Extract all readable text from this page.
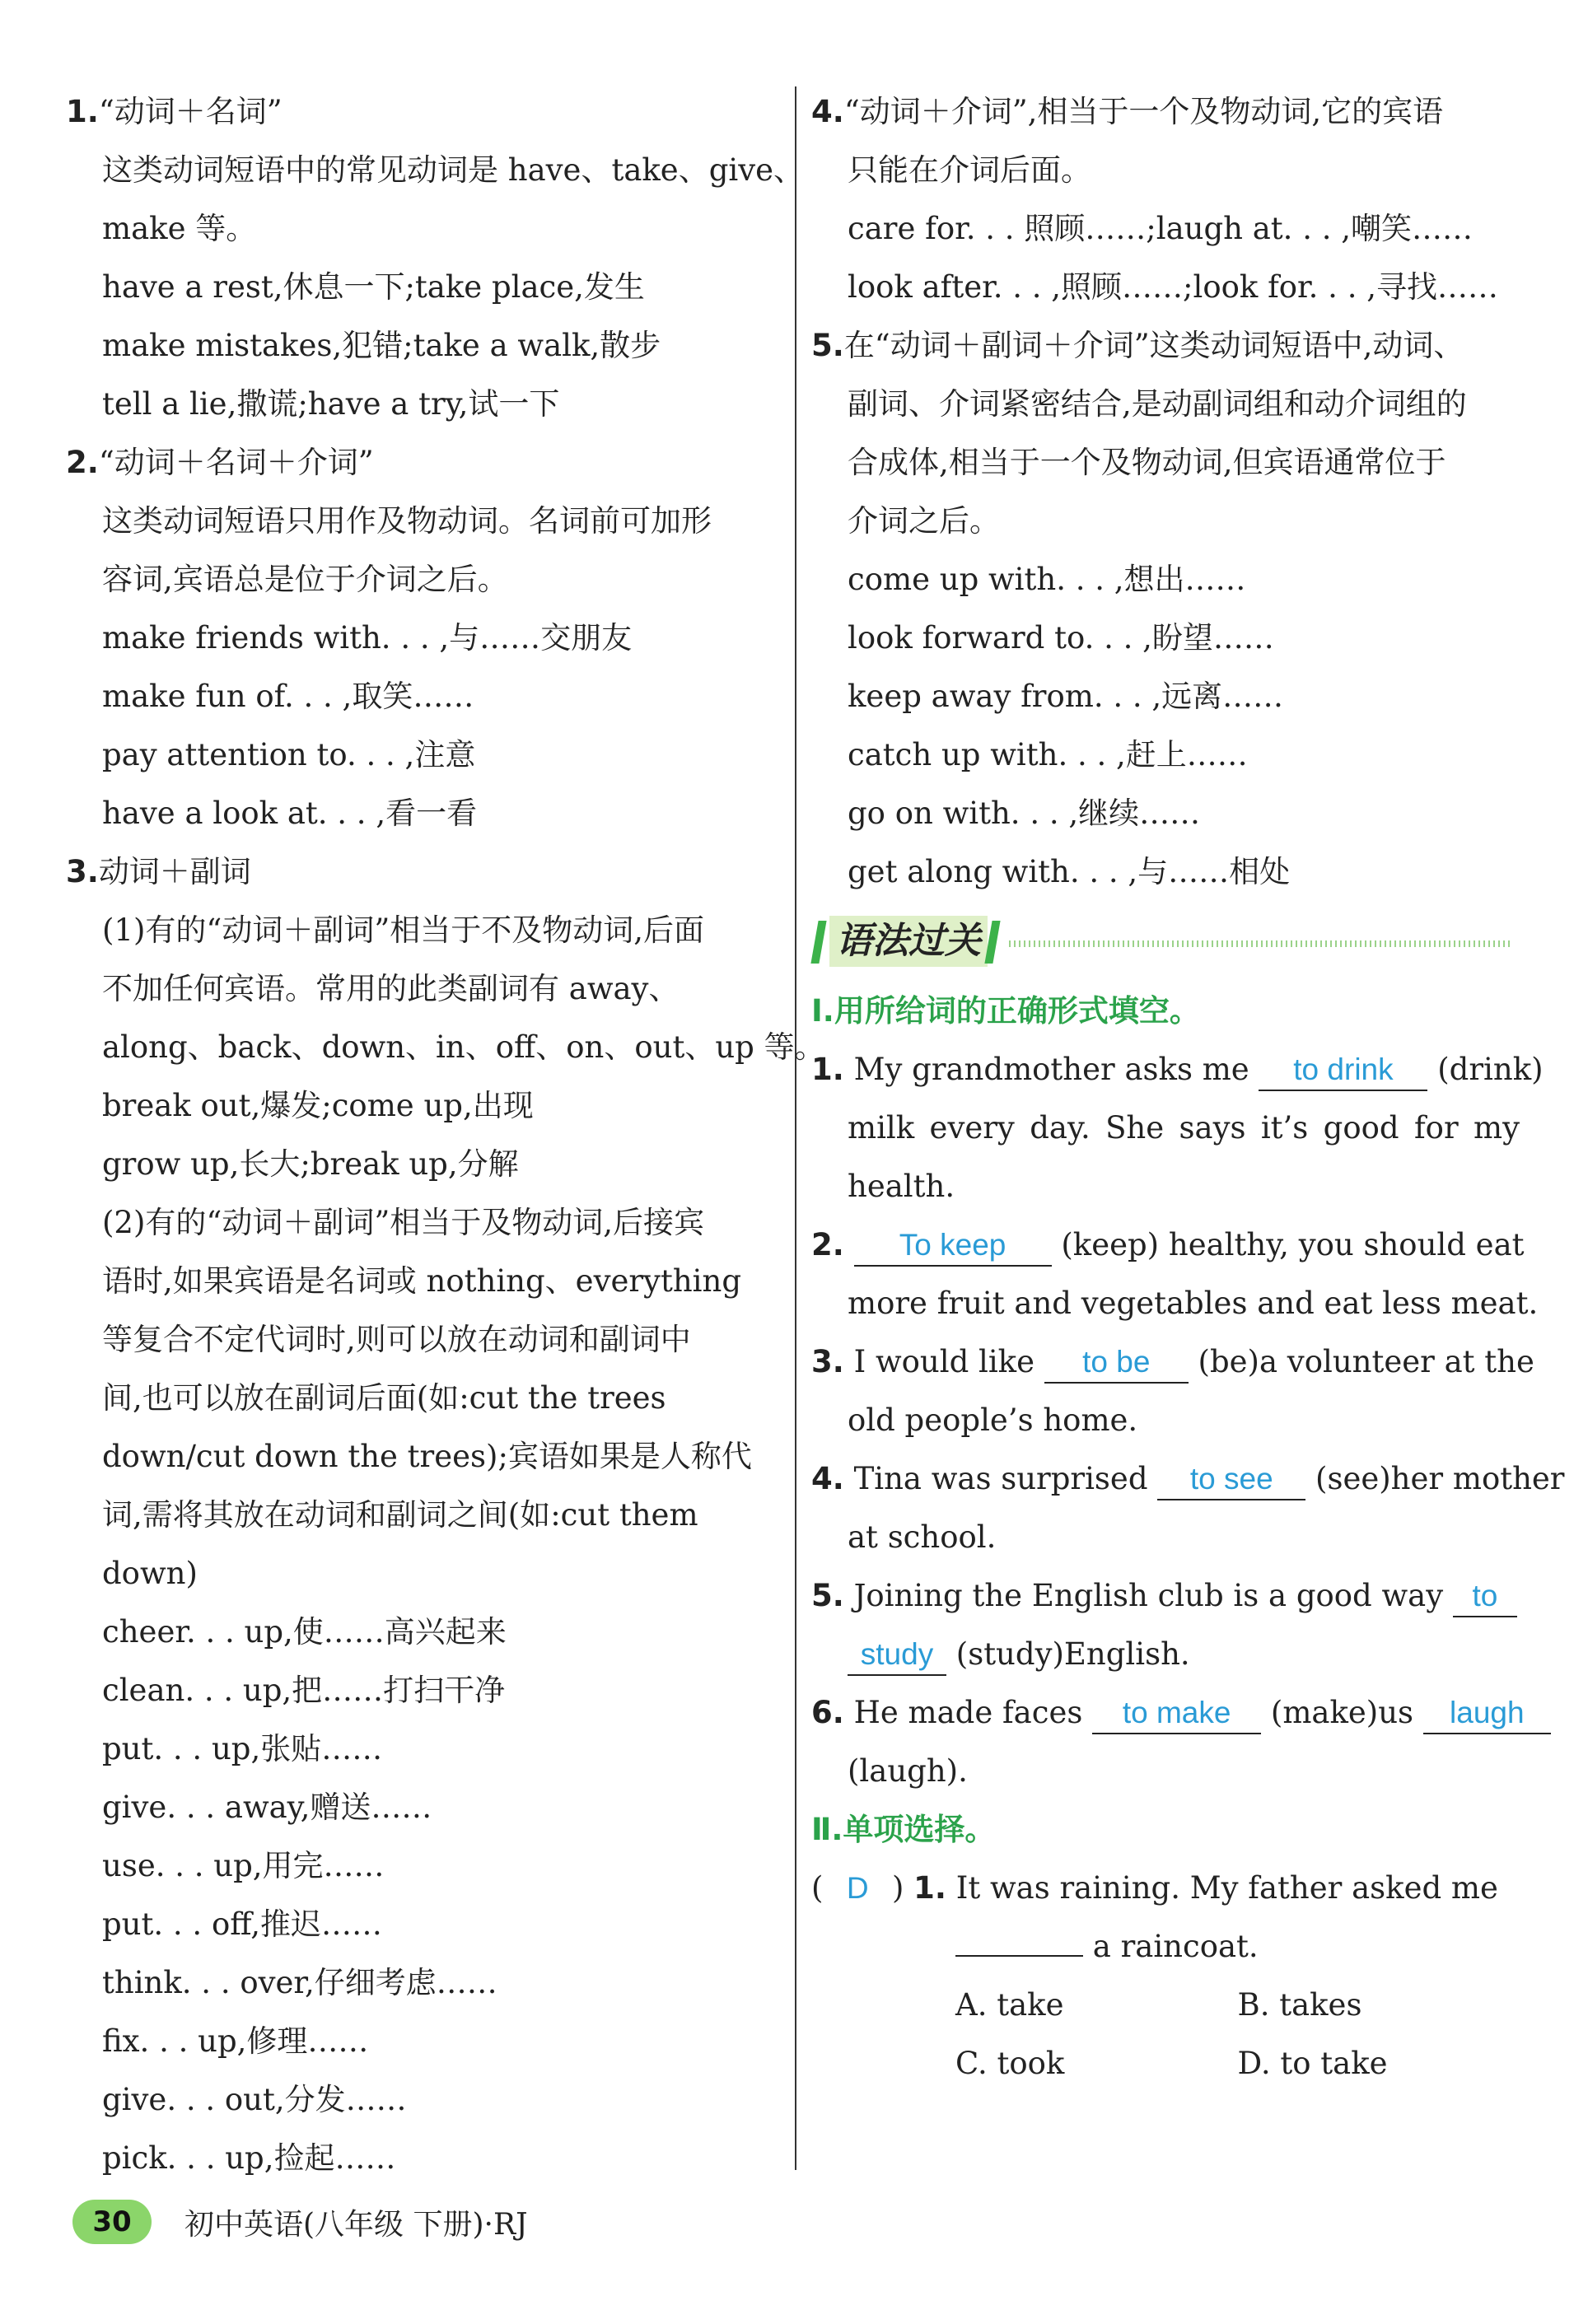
1.“动词＋名词”
这类动词短语中的常见动词是 have、take、give、
make 等。
have a rest,休息一下;take place,发生
make mistakes,犯错;take a walk,散步
tell a lie,撒谎;have a try,试一下
2.“动词＋名词＋介词”
这类动词短语只用作及物动词。名词前可加形
容词,宾语总是位于介词之后。
make friends with. . . ,与……交朋友
make fun of. . . ,取笑……
pay attention to. . . ,注意
have a look at. . . ,看一看
3.动词＋副词
(1)有的“动词＋副词”相当于不及物动词,后面
不加任何宾语。常用的此类副词有 away、
along、back、down、in、off、on、out、up 等。
break out,爆发;come up,出现
grow up,长大;break up,分解
(2)有的“动词＋副词”相当于及物动词,后接宾
语时,如果宾语是名词或 nothing、everything
等复合不定代词时,则可以放在动词和副词中
间,也可以放在副词后面(如:cut the trees
down/cut down the trees);宾语如果是人称代
词,需将其放在动词和副词之间(如:cut them
down)
cheer. . . up,使……高兴起来
clean. . . up,把……打扫干净
put. . . up,张贴……
give. . . away,赠送……
use. . . up,用完……
put. . . off,推迟……
think. . . over,仔细考虑……
fix. . . up,修理……
give. . . out,分发……
pick. . . up,捡起……
4.“动词＋介词”,相当于一个及物动词,它的宾语
只能在介词后面。
care for. . . 照顾……;laugh at. . . ,嘲笑……
look after. . . ,照顾……;look for. . . ,寻找……
5.在“动词＋副词＋介词”这类动词短语中,动词、
副词、介词紧密结合,是动副词组和动介词组的
合成体,相当于一个及物动词,但宾语通常位于
介词之后。
come up with. . . ,想出……
look forward to. . . ,盼望……
keep away from. . . ,远离……
catch up with. . . ,赶上……
go on with. . . ,继续……
get along with. . . ,与……相处
语法过关
Ⅰ.用所给词的正确形式填空。
1. My grandmother asks me to drink (drink)
milk every day. She says it’s good for my
health.
2. To keep (keep) healthy, you should eat
more fruit and vegetables and eat less meat.
3. I would like to be (be)a volunteer at the
old people’s home.
4. Tina was surprised to see (see)her mother
at school.
5. Joining the English club is a good way to
study (study)English.
6. He made faces to make (make)us laugh
(laugh).
Ⅱ.单项选择。
( D ) 1. It was raining. My father asked me
a raincoat.
A. take	B. takes
C. took	D. to take
30	初中英语(八年级 下册)·RJ
